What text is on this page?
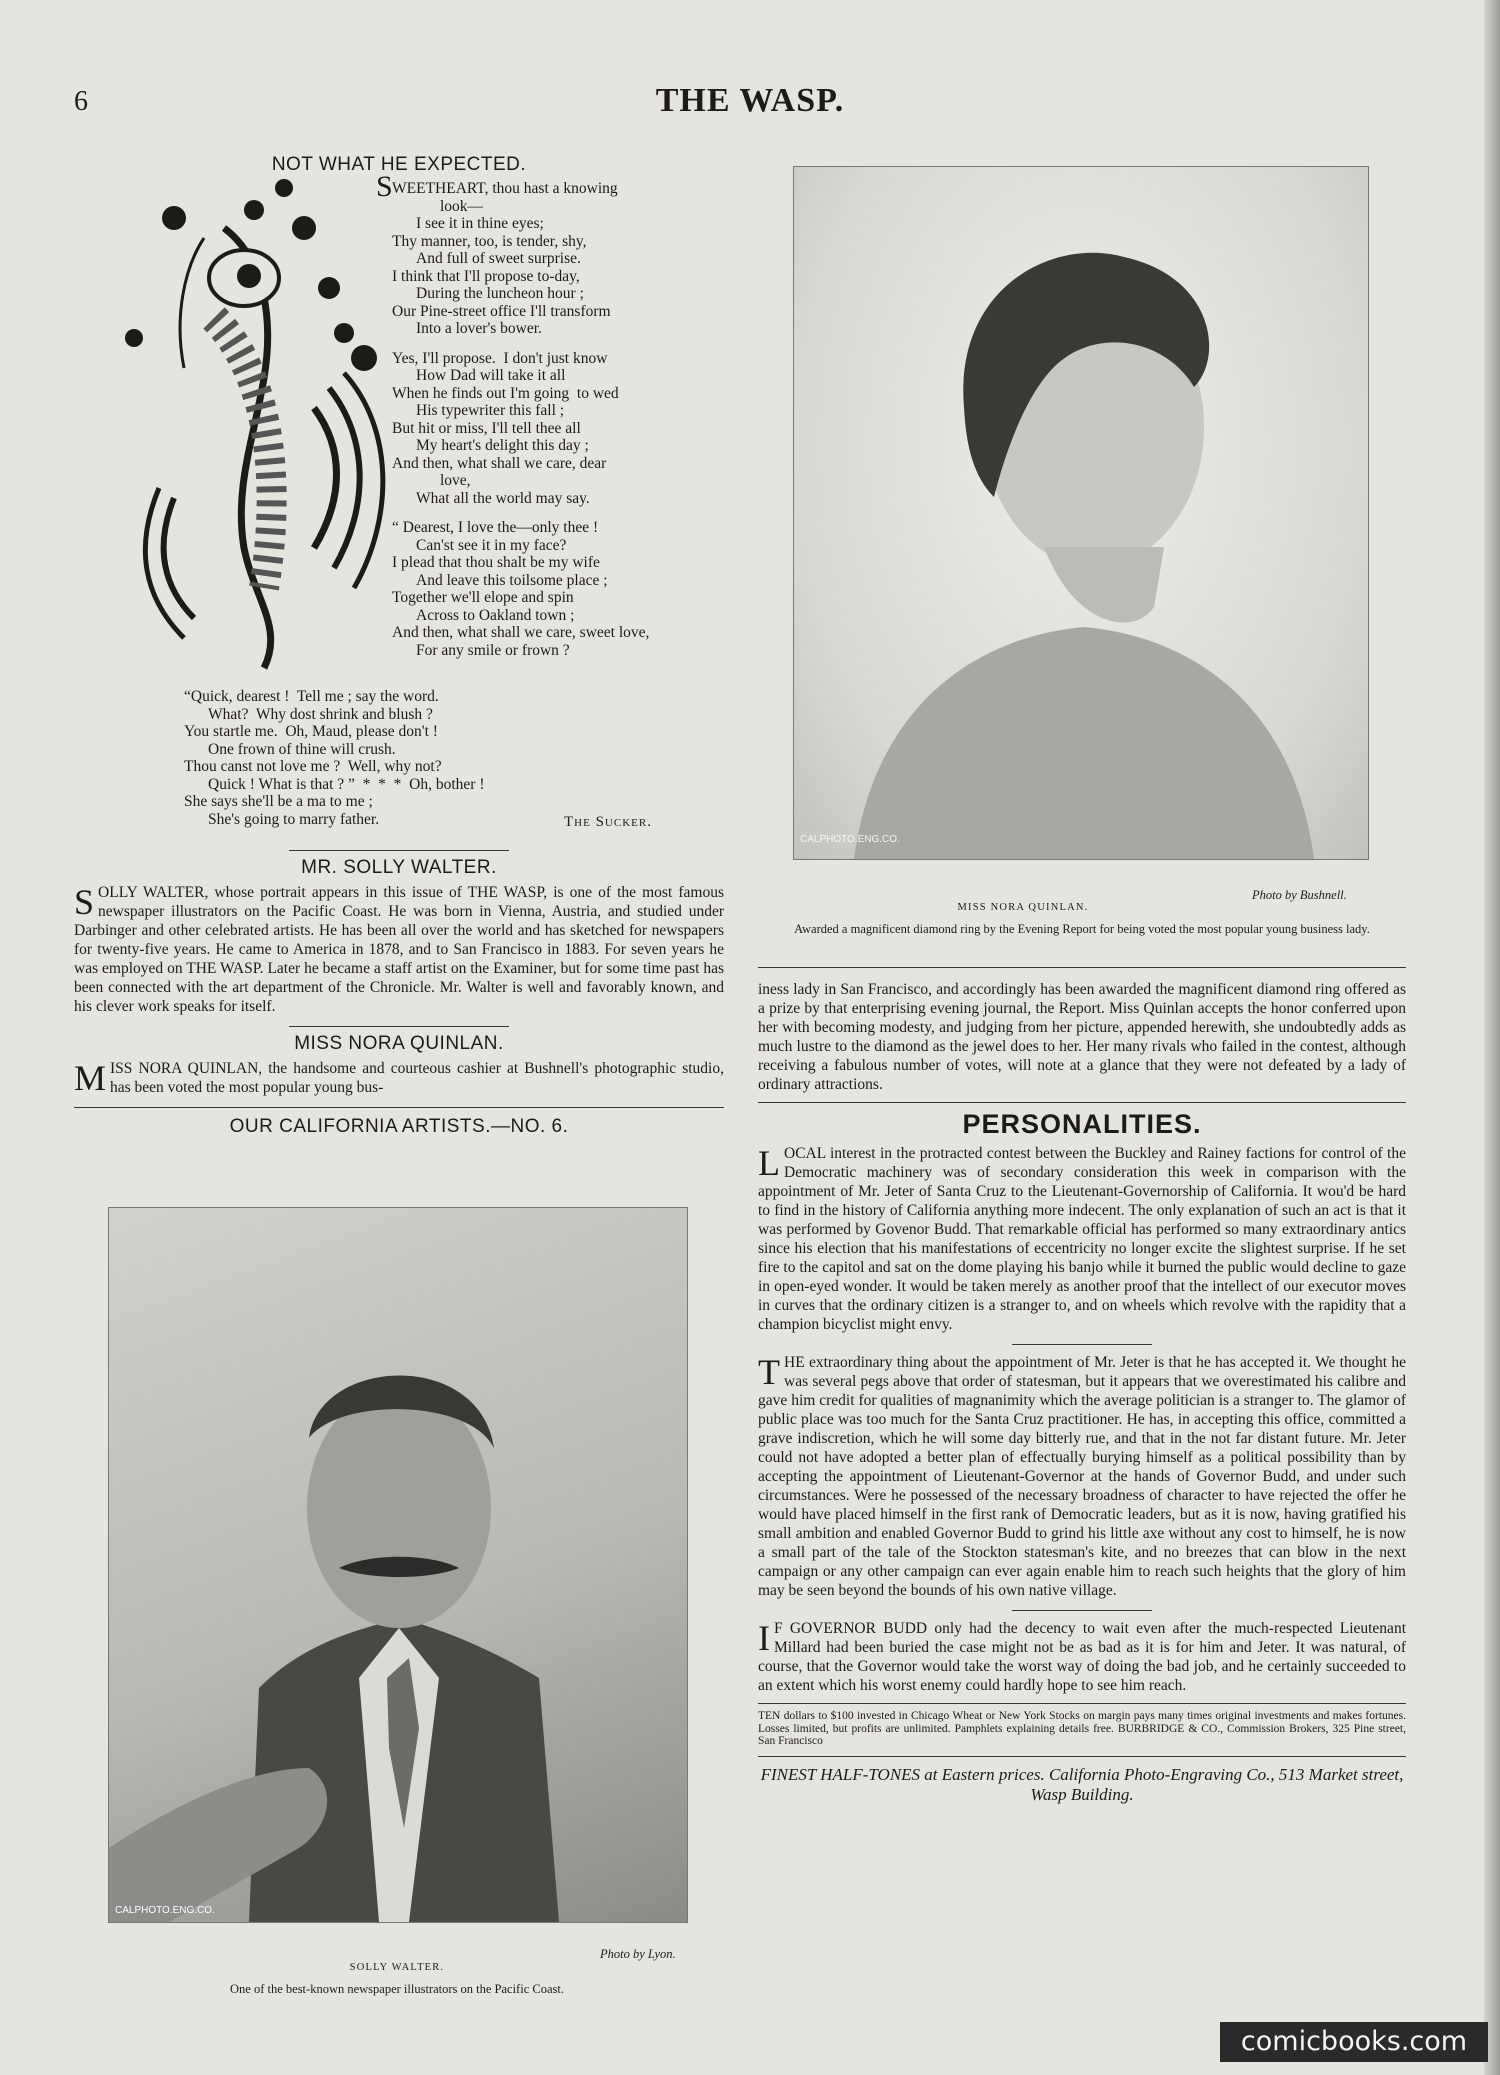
6	THE WASP.
NOT WHAT HE EXPECTED.
S WEETHEART, thou hast a knowing
look—
I see it in thine eyes;
Thy manner, too, is tender, shy,
And full of sweet surprise.
I think that I'll propose to-day,
During the luncheon hour ;
Our Pine-street office I'll transform
Into a lover's bower.
Yes, I'll propose.  I don't just know
How Dad will take it all
When he finds out I'm going  to wed
His typewriter this fall ;
But hit or miss, I'll tell thee all
My heart's delight this day ;
And then, what shall we care, dear
love,
What all the world may say.
“ Dearest, I love the—only thee !
Can'st see it in my face?
I plead that thou shalt be my wife
And leave this toilsome place ;
Together we'll elope and spin
Across to Oakland town ;
And then, what shall we care, sweet love,
For any smile or frown ?
“Quick, dearest !  Tell me ; say the word.
What?  Why dost shrink and blush ?
You startle me.  Oh, Maud, please don't !
One frown of thine will crush.
Thou canst not love me ?  Well, why not?
Quick ! What is that ? ”  *  *  *  Oh, bother !
She says she'll be a ma to me ;
She's going to marry father.	The Sucker.
MR. SOLLY WALTER.

SOLLY WALTER, whose portrait appears in this issue of THE WASP, is one of the most famous newspaper illustrators on the Pacific Coast. He was born in Vienna, Austria, and studied under Darbinger and other celebrated artists. He has been all over the world and has sketched for newspapers for twenty-five years. He came to America in 1878, and to San Francisco in 1883. For seven years he was employed on THE WASP. Later he became a staff artist on the Examiner, but for some time past has been connected with the art department of the Chronicle. Mr. Walter is well and favorably known, and his clever work speaks for itself.

MISS NORA QUINLAN.

MISS NORA QUINLAN, the handsome and courteous cashier at Bushnell's photographic studio, has been voted the most popular young bus-

OUR CALIFORNIA ARTISTS.—NO. 6.
CALPHOTO.ENG.CO.
Photo by Lyon.
SOLLY WALTER.
One of the best-known newspaper illustrators on the Pacific Coast.
CALPHOTO.ENG.CO.
Photo by Bushnell.
MISS NORA QUINLAN.
Awarded a magnificent diamond ring by the Evening Report for being voted the most popular young business lady.

iness lady in San Francisco, and accordingly has been awarded the magnificent diamond ring offered as a prize by that enterprising evening journal, the Report. Miss Quinlan accepts the honor conferred upon her with becoming modesty, and judging from her picture, appended herewith, she undoubtedly adds as much lustre to the diamond as the jewel does to her. Her many rivals who failed in the contest, although receiving a fabulous number of votes, will note at a glance that they were not defeated by a lady of ordinary attractions.

PERSONALITIES.

LOCAL interest in the protracted contest between the Buckley and Rainey factions for control of the Democratic machinery was of secondary consideration this week in comparison with the appointment of Mr. Jeter of Santa Cruz to the Lieutenant-Governorship of California. It wou'd be hard to find in the history of California anything more indecent. The only explanation of such an act is that it was performed by Govenor Budd. That remarkable official has performed so many extraordinary antics since his election that his manifestations of eccentricity no longer excite the slightest surprise. If he set fire to the capitol and sat on the dome playing his banjo while it burned the public would decline to gaze in open-eyed wonder. It would be taken merely as another proof that the intellect of our executor moves in curves that the ordinary citizen is a stranger to, and on wheels which revolve with the rapidity that a champion bicyclist might envy.

THE extraordinary thing about the appointment of Mr. Jeter is that he has accepted it. We thought he was several pegs above that order of statesman, but it appears that we overestimated his calibre and gave him credit for qualities of magnanimity which the average politician is a stranger to. The glamor of public place was too much for the Santa Cruz practitioner. He has, in accepting this office, committed a grave indiscretion, which he will some day bitterly rue, and that in the not far distant future. Mr. Jeter could not have adopted a better plan of effectually burying himself as a political possibility than by accepting the appointment of Lieutenant-Governor at the hands of Governor Budd, and under such circumstances. Were he possessed of the necessary broadness of character to have rejected the offer he would have placed himself in the first rank of Democratic leaders, but as it is now, having gratified his small ambition and enabled Governor Budd to grind his little axe without any cost to himself, he is now a small part of the tale of the Stockton statesman's kite, and no breezes that can blow in the next campaign or any other campaign can ever again enable him to reach such heights that the glory of him may be seen beyond the bounds of his own native village.

I F GOVERNOR BUDD only had the decency to wait even after the much-respected Lieutenant Millard had been buried the case might not be as bad as it is for him and Jeter. It was natural, of course, that the Governor would take the worst way of doing the bad job, and he certainly succeeded to an extent which his worst enemy could hardly hope to see him reach.

TEN dollars to $100 invested in Chicago Wheat or New York Stocks on margin pays many times original investments and makes fortunes. Losses limited, but profits are unlimited. Pamphlets explaining details free. BURBRIDGE & CO., Commission Brokers, 325 Pine street, San Francisco

FINEST HALF-TONES at Eastern prices. California Photo-Engraving Co., 513 Market street, Wasp Building.

comicbooks.com
